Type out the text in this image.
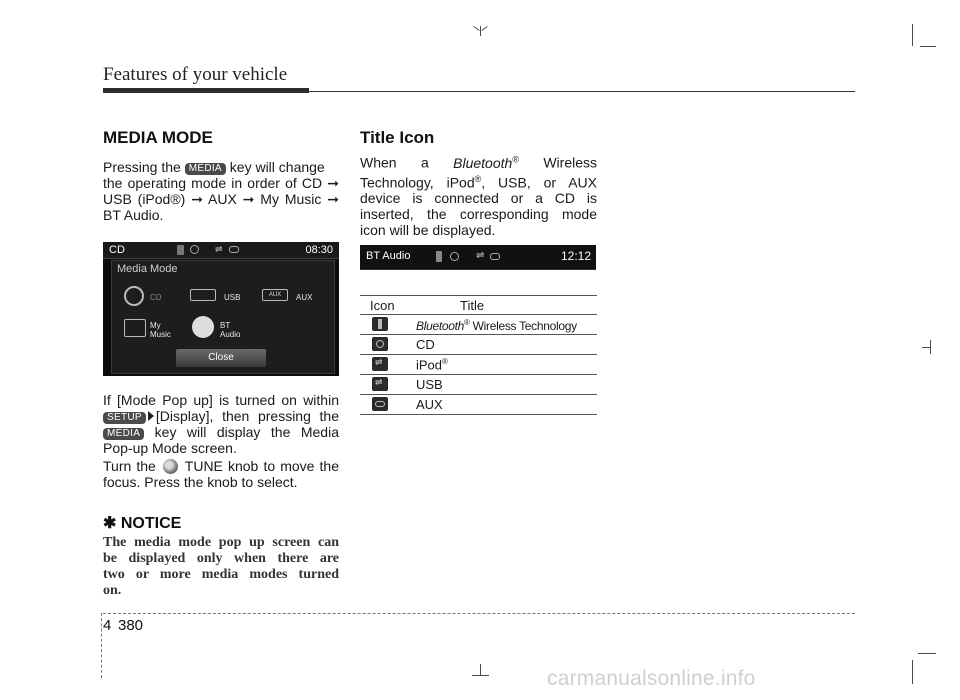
Features of your vehicle
MEDIA MODE
Pressing the MEDIA key will change
the operating mode in order of CD ➞
USB (iPod®) ➞ AUX ➞ My Music ➞
BT Audio.
CD	⇌	08:30
Media Mode
CD	USB	AUX	AUX
My
Music
BT
Audio
Close
If [Mode Pop up] is turned on within
SETUP [Display], then pressing the
MEDIA key will display the Media
Pop-up Mode screen.
Turn the TUNE knob to move the
focus. Press the knob to select.
✱ NOTICE
The media mode pop up screen can
be displayed only when there are
two or more media modes turned
on.
Title Icon
When a Bluetooth® Wireless
Technology, iPod®, USB, or AUX
device is connected or a CD is
inserted, the corresponding mode
icon will be displayed.
BT Audio	⇌	12:12
Icon	Title
Bluetooth® Wireless Technology
CD
⇌	iPod®
⇌	USB
AUX
4 380
carmanualsonline.info
